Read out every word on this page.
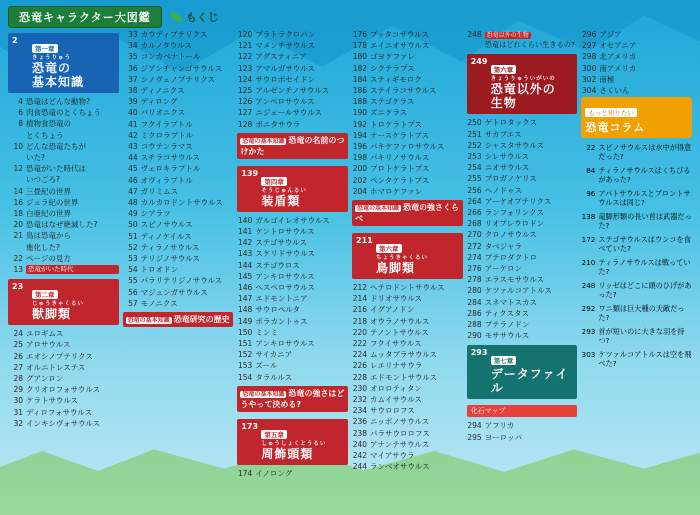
恐竜キャラクター大図鑑	もくじ
2
第一章
きょうりゅう
恐竜の
基本知識
4 恐竜はどんな動物?
6 肉食恐竜のとくちょう
8 植物食恐竜の
とくちょう
10 どんな恐竜たちが
いた?
12 恐竜がいた時代は
いつごろ?
14 三畳紀の世界
16 ジュラ紀の世界
18 白亜紀の世界
20 恐竜はなぜ絶滅した?
21 鳥は恐竜から
進化した?
22 ページの見方
13 恐竜がいた時代
23
第二章
じゅうきゃくるい
獣脚類
24 ユロギムス
25 アロサウルス
26 エオシノプテリクス
27 オルニトレステス
28 グアンロン
29 クリオロフォサウルス
30 ケラトサウルス
31 ディロフォサウルス
32 インキシヴォサウルス
33 カウディプテリクス
34 カルノタウルス
35 コンカベナトール
36 ジアンチャンゴサウルス
37 シノヴェノプテリクス
38 ディノニクス
39 ディロング
40 バリオニクス
41 フクイラプトル
42 ミクロラプトル
43 コウテンラマス
44 スチラコサウルス
45 ヴェロキラプトル
46 オヴィラプトル
47 ガリミムス
48 カルカロドントサウルス
49 シアラツ
50 スピノサウルス
51 ディノケイルス
52 ティラノサウルス
53 テリジノサウルス
54 トロオドン
55 パラリテリジノサウルス
56 マジュンガサウルス
57 モノニクス
恐竜の基本知識 恐竜研究の歴史
120 プラトラクロパン
121 マメンチサウルス
122 アグスティニア
123 アマルガサウルス
124 サウロポセイドン
125 アルゼンチノサウルス
126 アンペロサウルス
127 ニジェールサウルス
128 ボニタサウラ
恐竜の基本知識 恐竜の名前のつけかた
139
第四章
そうじゅんるい
装盾類
140 ガルゴイレオサウルス
141 ケントロサウルス
142 ステゴサウルス
143 スケリドサウルス
144 ステゴウロス
145 アンキロサウルス
146 ヘスペロサウルス
147 エドモントニア
148 サウロペルタ
149 ポラカントゥス
150 ミンミ
151 アンキロサウルス
152 サイカニア
153 ズール
154 タラルルス
恐竜の基本知識 恐竜の強さはどうやって決める?
173
第五章
しゅうしょくとうるい
周飾頭類
174 イノロング
176 プッタコサウルス
178 エイニオサウルス
180 ゴヨケファレ
182 シクテラプス
184 スティギモロク
186 ステイラコサウルス
188 ステゴケラス
190 ズニケラス
192 トロケラトプス
194 ナースケラトプス
196 パキケファロサウルス
198 パキリノサウルス
200 プロトケラトプス
202 ペンタケラトプス
204 ホマロケファレ
恐竜の基本知識 恐竜の強さくらべ
211
第六章
ちょうきゃくるい
鳥脚類
212 ヘテロドントサウルス
214 ドリオサウルス
216 イグアノドン
218 オウラノサウルス
220 テノントサウルス
222 フクイサウルス
224 ムッタブラサウルス
226 レエリナサウラ
228 エドモントサウルス
230 オロロティタン
232 カムイサウルス
234 サウロロフス
236 ニッポノサウルス
238 パラサウロロフス
240 アナンテサウルス
242 マイアサウラ
244 ランベオサウルス
248 恐竜以外の生物
恐竜はどれくらい生きるの?
249
第六章
きょうりゅういがいの
恐竜以外の
生物
250 ゲトロタックス
251 サカブエス
252 シャスタサウルス
253 シレサウルス
254 ニオサウルス
255 プロガノケリス
256 ヘノドゥス
264 アーケオプテリクス
266 ランフォリンクス
268 リオプレウロドン
270 クロノサウルス
272 タベジャラ
274 プテロダクトロ
276 アーケロン
278 エラスモサウルス
280 ケツァルコアトルス
284 スネマトスカス
286 ティクスタス
288 プテラノドン
290 モササウルス
293
第七章
データファイル
化石マップ
294 アフリカ
295 ヨーロッパ
296 アジア
297 オセアニア
298 北アメリカ
300 南アメリカ
302 南極
304 さくいん
もっと知りたい
恐竜コラム
22 スピノサウルスは水中が得意だった?
84 ティラノサウルスはくちびるがあった?
96 アパトサウルスとブロントサウルスは同じ?
138 竜脚形類の長い首は武器だった?
172 ステゴサウルスはウンコを食べていた?
210 ティラノサウルスは戦っていた?
248 リッゼはどこに頭のひげがあった?
292 ワニ類は巨大種の天敵だった?
293 首が短いのに大きな羽を持つ?
303 ケツァルコアトルスは空を飛べた?
